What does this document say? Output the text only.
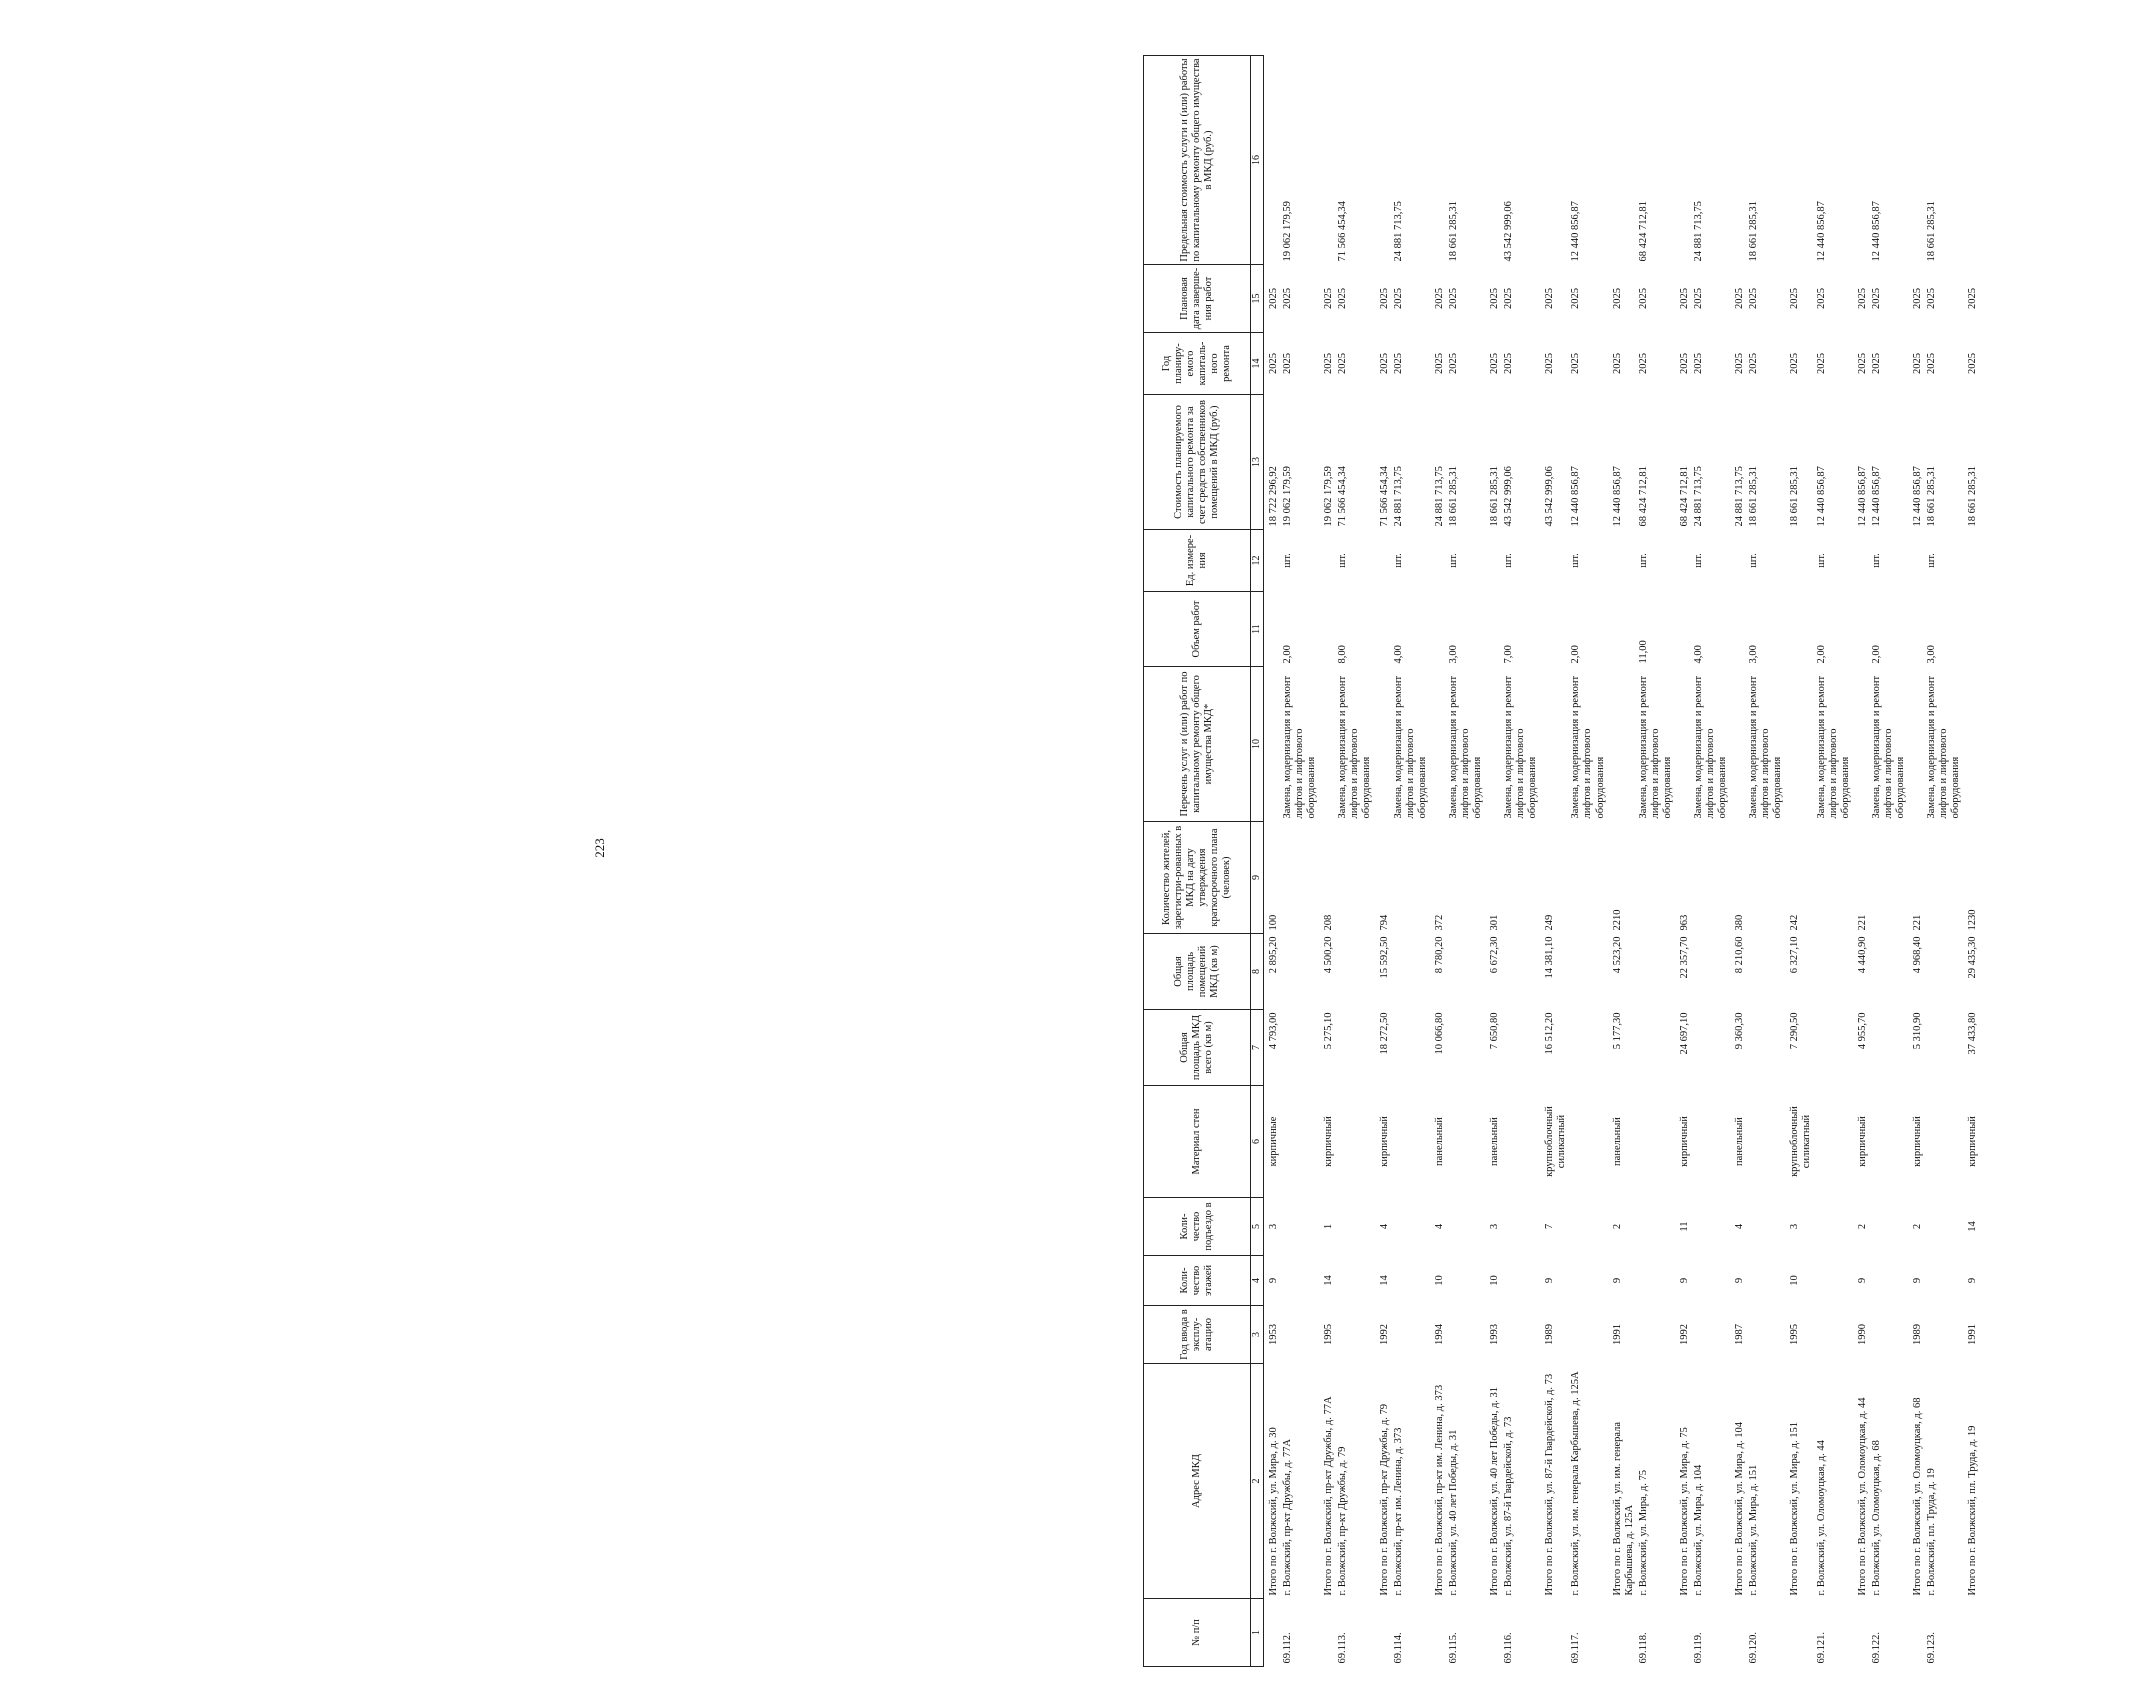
223
№ п/п	Адрес МКД	Год ввода в эксплу-атацию	Коли-чество этажей	Коли-чество подъездо в	Материал стен	Общая площадь МКД всего (кв м)	Общая площадь помещений МКД (кв м)	Количество жителей, зарегистри-рованных в МКД на дату утверждения краткосрочного плана (человек)	Перечень услуг и (или) работ по капитальному ремонту общего имущества МКД*	Объем работ	Ед. измере-ния	Стоимость планируемого капитального ремонта за счет средств собственников помещений в МКД (руб.)	Год планиру-емого капиталь-ного ремонта	Плановая дата заверше-ния работ	Предельная стоимость услуги и (или) работы по капитальному ремонту общего имущества в МКД (руб.)
1	2	3	4	5	6	7	8	9	10	11	12	13	14	15	16
	Итого по г. Волжский, ул. Мира, д. 30	1953	9	3	кирпичные	4 793,00	2 895,20	100				18 722 296,92	2025	2025	
69.112.	г. Волжский, пр-кт Дружбы, д. 77А								Замена, модернизация и ремонт лифтов и лифтового оборудования	2,00	шт.	19 062 179,59	2025	2025	19 062 179,59
	Итого по г. Волжский, пр-кт Дружбы, д. 77А	1995	14	1	кирпичный	5 275,10	4 500,20	208				19 062 179,59	2025	2025	
69.113.	г. Волжский, пр-кт Дружбы, д. 79								Замена, модернизация и ремонт лифтов и лифтового оборудования	8,00	шт.	71 566 454,34	2025	2025	71 566 454,34
	Итого по г. Волжский, пр-кт Дружбы, д. 79	1992	14	4	кирпичный	18 272,50	15 592,50	794				71 566 454,34	2025	2025	
69.114.	г. Волжский, пр-кт им. Ленина, д. 373								Замена, модернизация и ремонт лифтов и лифтового оборудования	4,00	шт.	24 881 713,75	2025	2025	24 881 713,75
	Итого по г. Волжский, пр-кт им. Ленина, д. 373	1994	10	4	панельный	10 066,80	8 780,20	372				24 881 713,75	2025	2025	
69.115.	г. Волжский, ул. 40 лет Победы, д. 31								Замена, модернизация и ремонт лифтов и лифтового оборудования	3,00	шт.	18 661 285,31	2025	2025	18 661 285,31
	Итого по г. Волжский, ул. 40 лет Победы, д. 31	1993	10	3	панельный	7 650,80	6 672,30	301				18 661 285,31	2025	2025	
69.116.	г. Волжский, ул. 87-й Гвардейской, д. 73								Замена, модернизация и ремонт лифтов и лифтового оборудования	7,00	шт.	43 542 999,06	2025	2025	43 542 999,06
	Итого по г. Волжский, ул. 87-й Гвардейской, д. 73	1989	9	7	крупноблочный силикатный	16 512,20	14 381,10	249				43 542 999,06	2025	2025	
69.117.	г. Волжский, ул. им. генерала Карбышева, д. 125А								Замена, модернизация и ремонт лифтов и лифтового оборудования	2,00	шт.	12 440 856,87	2025	2025	12 440 856,87
	Итого по г. Волжский, ул. им. генерала Карбышева, д. 125А	1991	9	2	панельный	5 177,30	4 523,20	2210				12 440 856,87	2025	2025	
69.118.	г. Волжский, ул. Мира, д. 75								Замена, модернизация и ремонт лифтов и лифтового оборудования	11,00	шт.	68 424 712,81	2025	2025	68 424 712,81
	Итого по г. Волжский, ул. Мира, д. 75	1992	9	11	кирпичный	24 697,10	22 357,70	963				68 424 712,81	2025	2025	
69.119.	г. Волжский, ул. Мира, д. 104								Замена, модернизация и ремонт лифтов и лифтового оборудования	4,00	шт.	24 881 713,75	2025	2025	24 881 713,75
	Итого по г. Волжский, ул. Мира, д. 104	1987	9	4	панельный	9 360,30	8 210,60	380				24 881 713,75	2025	2025	
69.120.	г. Волжский, ул. Мира, д. 151								Замена, модернизация и ремонт лифтов и лифтового оборудования	3,00	шт.	18 661 285,31	2025	2025	18 661 285,31
	Итого по г. Волжский, ул. Мира, д. 151	1995	10	3	крупноблочный силикатный	7 290,50	6 327,10	242				18 661 285,31	2025	2025	
69.121.	г. Волжский, ул. Оломоуцкая, д. 44								Замена, модернизация и ремонт лифтов и лифтового оборудования	2,00	шт.	12 440 856,87	2025	2025	12 440 856,87
	Итого по г. Волжский, ул. Оломоуцкая, д. 44	1990	9	2	кирпичный	4 955,70	4 440,90	221				12 440 856,87	2025	2025	
69.122.	г. Волжский, ул. Оломоуцкая, д. 68								Замена, модернизация и ремонт лифтов и лифтового оборудования	2,00	шт.	12 440 856,87	2025	2025	12 440 856,87
	Итого по г. Волжский, ул. Оломоуцкая, д. 68	1989	9	2	кирпичный	5 310,90	4 968,40	221				12 440 856,87	2025	2025	
69.123.	г. Волжский, пл. Труда, д. 19								Замена, модернизация и ремонт лифтов и лифтового оборудования	3,00	шт.	18 661 285,31	2025	2025	18 661 285,31
	Итого по г. Волжский, пл. Труда, д. 19	1991	9	14	кирпичный	37 433,80	29 435,30	1230				18 661 285,31	2025	2025	
